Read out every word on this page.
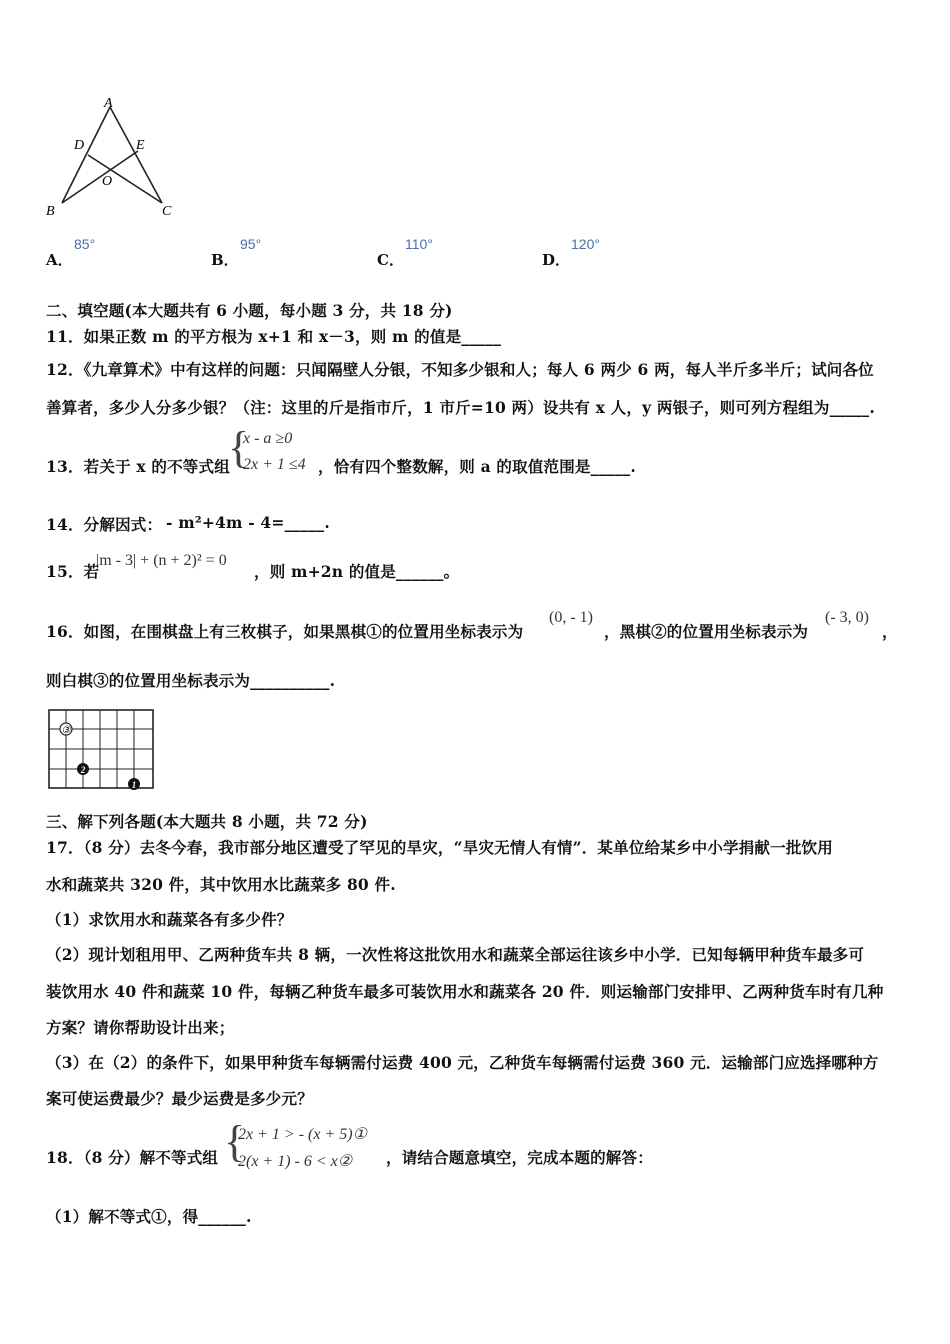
A
D	E
O
B	C
A．
85°
B．
95°
C．
110°
D．
120°
二、填空题(本大题共有 6 小题，每小题 3 分，共 18 分)
11．如果正数 m 的平方根为 x+1 和 x－3，则 m 的值是_____
12．《九章算术》中有这样的问题：只闻隔壁人分银，不知多少银和人；每人 6 两少 6 两，每人半斤多半斤；试问各位
善算者，多少人分多少银？（注：这里的斤是指市斤，1 市斤=10 两）设共有 x 人，y 两银子，则可列方程组为_____.
13．若关于 x 的不等式组
{
x - a ≥0
2x + 1 ≤4 ，恰有四个整数解，则 a 的取值范围是_____.
14．分解因式： - m²+4m - 4=_____.
15．若
|m - 3| + (n + 2)² = 0
，则 m+2n 的值是______。
16．如图，在围棋盘上有三枚棋子，如果黑棋①的位置用坐标表示为
(0, - 1)
，黑棋②的位置用坐标表示为
(- 3, 0)
，
则白棋③的位置用坐标表示为__________.
③
2
1
三、解下列各题(本大题共 8 小题，共 72 分)
17．（8 分）去冬今春，我市部分地区遭受了罕见的旱灾，“旱灾无情人有情”．某单位给某乡中小学捐献一批饮用
水和蔬菜共 320 件，其中饮用水比蔬菜多 80 件.
（1）求饮用水和蔬菜各有多少件？
（2）现计划租用甲、乙两种货车共 8 辆，一次性将这批饮用水和蔬菜全部运往该乡中小学．已知每辆甲种货车最多可
装饮用水 40 件和蔬菜 10 件，每辆乙种货车最多可装饮用水和蔬菜各 20 件．则运输部门安排甲、乙两种货车时有几种
方案？请你帮助设计出来；
（3）在（2）的条件下，如果甲种货车每辆需付运费 400 元，乙种货车每辆需付运费 360 元．运输部门应选择哪种方
案可使运费最少？最少运费是多少元？
18．（8 分）解不等式组 {
2x + 1 > - (x + 5)①
2(x + 1) - 6 < x② ，请结合题意填空，完成本题的解答：
（1）解不等式①，得______.
